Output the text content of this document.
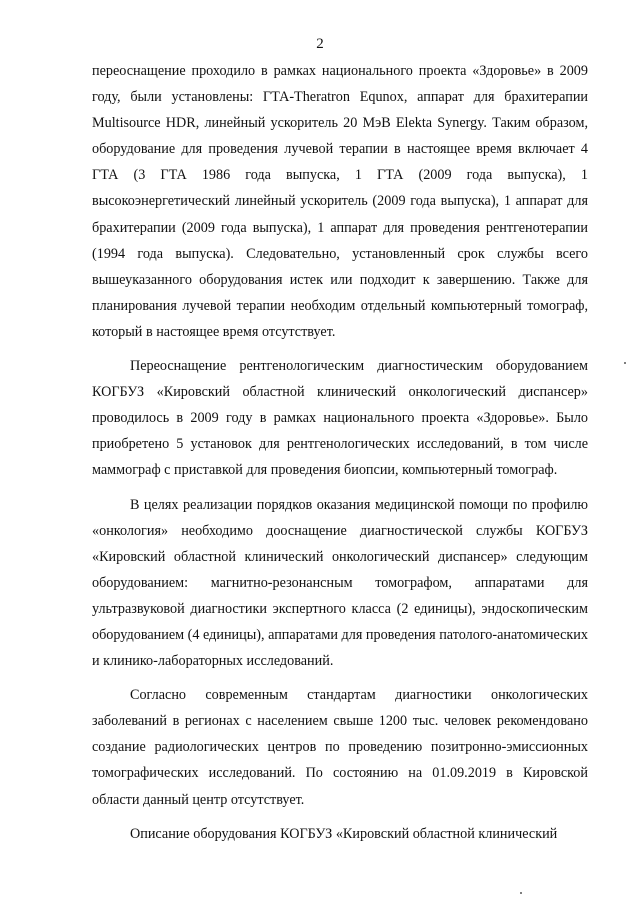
2

переоснащение проходило в рамках национального проекта «Здоровье» в 2009 году, были установлены: ГТА-Theratron Equnox, аппарат для брахитерапии Multisource HDR, линейный ускоритель 20 МэВ Elekta Synergy. Таким образом, оборудование для проведения лучевой терапии в настоящее время включает 4 ГТА (3 ГТА 1986 года выпуска, 1 ГТА (2009 года выпуска), 1 высокоэнергетический линейный ускоритель (2009 года выпуска), 1 аппарат для брахитерапии (2009 года выпуска), 1 аппарат для проведения рентгенотерапии (1994 года выпуска). Следовательно, установленный срок службы всего вышеуказанного оборудования истек или подходит к завершению. Также для планирования лучевой терапии необходим отдельный компьютерный томограф, который в настоящее время отсутствует.

Переоснащение рентгенологическим диагностическим оборудованием КОГБУЗ «Кировский областной клинический онкологический диспансер» проводилось в 2009 году в рамках национального проекта «Здоровье». Было приобретено 5 установок для рентгенологических исследований, в том числе маммограф с приставкой для проведения биопсии, компьютерный томограф.

В целях реализации порядков оказания медицинской помощи по профилю «онкология» необходимо дооснащение диагностической службы КОГБУЗ «Кировский областной клинический онкологический диспансер» следующим оборудованием: магнитно-резонансным томографом, аппаратами для ультразвуковой диагностики экспертного класса (2 единицы), эндоскопическим оборудованием (4 единицы), аппаратами для проведения патолого-анатомических и клинико-лабораторных исследований.

Согласно современным стандартам диагностики онкологических заболеваний в регионах с населением свыше 1200 тыс. человек рекомендовано создание радиологических центров по проведению позитронно-эмиссионных томографических исследований. По состоянию на 01.09.2019 в Кировской области данный центр отсутствует.

Описание оборудования КОГБУЗ «Кировский областной клинический
